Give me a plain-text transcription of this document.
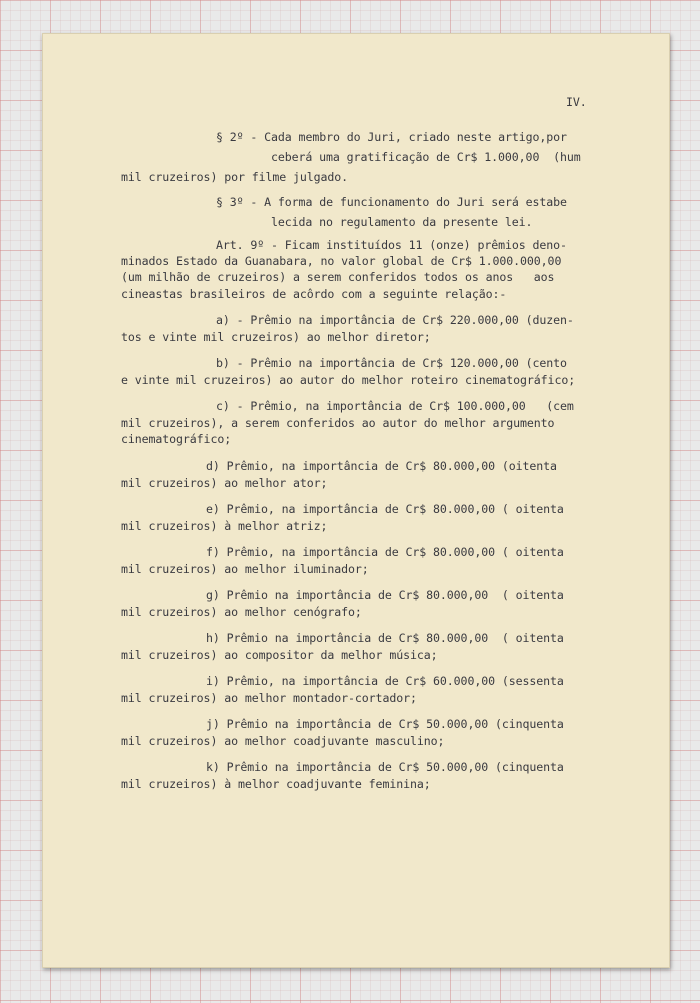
IV.
§ 2º - Cada membro do Juri, criado neste artigo,por
ceberá uma gratificação de Cr$ 1.000,00  (hum
mil cruzeiros) por filme julgado.
§ 3º - A forma de funcionamento do Juri será estabe
lecida no regulamento da presente lei.
Art. 9º - Ficam instituídos 11 (onze) prêmios deno-
minados Estado da Guanabara, no valor global de Cr$ 1.000.000,00
(um milhão de cruzeiros) a serem conferidos todos os anos   aos
cineastas brasileiros de acôrdo com a seguinte relação:-
a) - Prêmio na importância de Cr$ 220.000,00 (duzen-
tos e vinte mil cruzeiros) ao melhor diretor;
b) - Prêmio na importância de Cr$ 120.000,00 (cento
e vinte mil cruzeiros) ao autor do melhor roteiro cinematográfico;
c) - Prêmio, na importância de Cr$ 100.000,00   (cem
mil cruzeiros), a serem conferidos ao autor do melhor argumento
cinematográfico;
d) Prêmio, na importância de Cr$ 80.000,00 (oitenta
mil cruzeiros) ao melhor ator;
e) Prêmio, na importância de Cr$ 80.000,00 ( oitenta
mil cruzeiros) à melhor atriz;
f) Prêmio, na importância de Cr$ 80.000,00 ( oitenta
mil cruzeiros) ao melhor iluminador;
g) Prêmio na importância de Cr$ 80.000,00  ( oitenta
mil cruzeiros) ao melhor cenógrafo;
h) Prêmio na importância de Cr$ 80.000,00  ( oitenta
mil cruzeiros) ao compositor da melhor música;
i) Prêmio, na importância de Cr$ 60.000,00 (sessenta
mil cruzeiros) ao melhor montador-cortador;
j) Prêmio na importância de Cr$ 50.000,00 (cinquenta
mil cruzeiros) ao melhor coadjuvante masculino;
k) Prêmio na importância de Cr$ 50.000,00 (cinquenta
mil cruzeiros) à melhor coadjuvante feminina;
